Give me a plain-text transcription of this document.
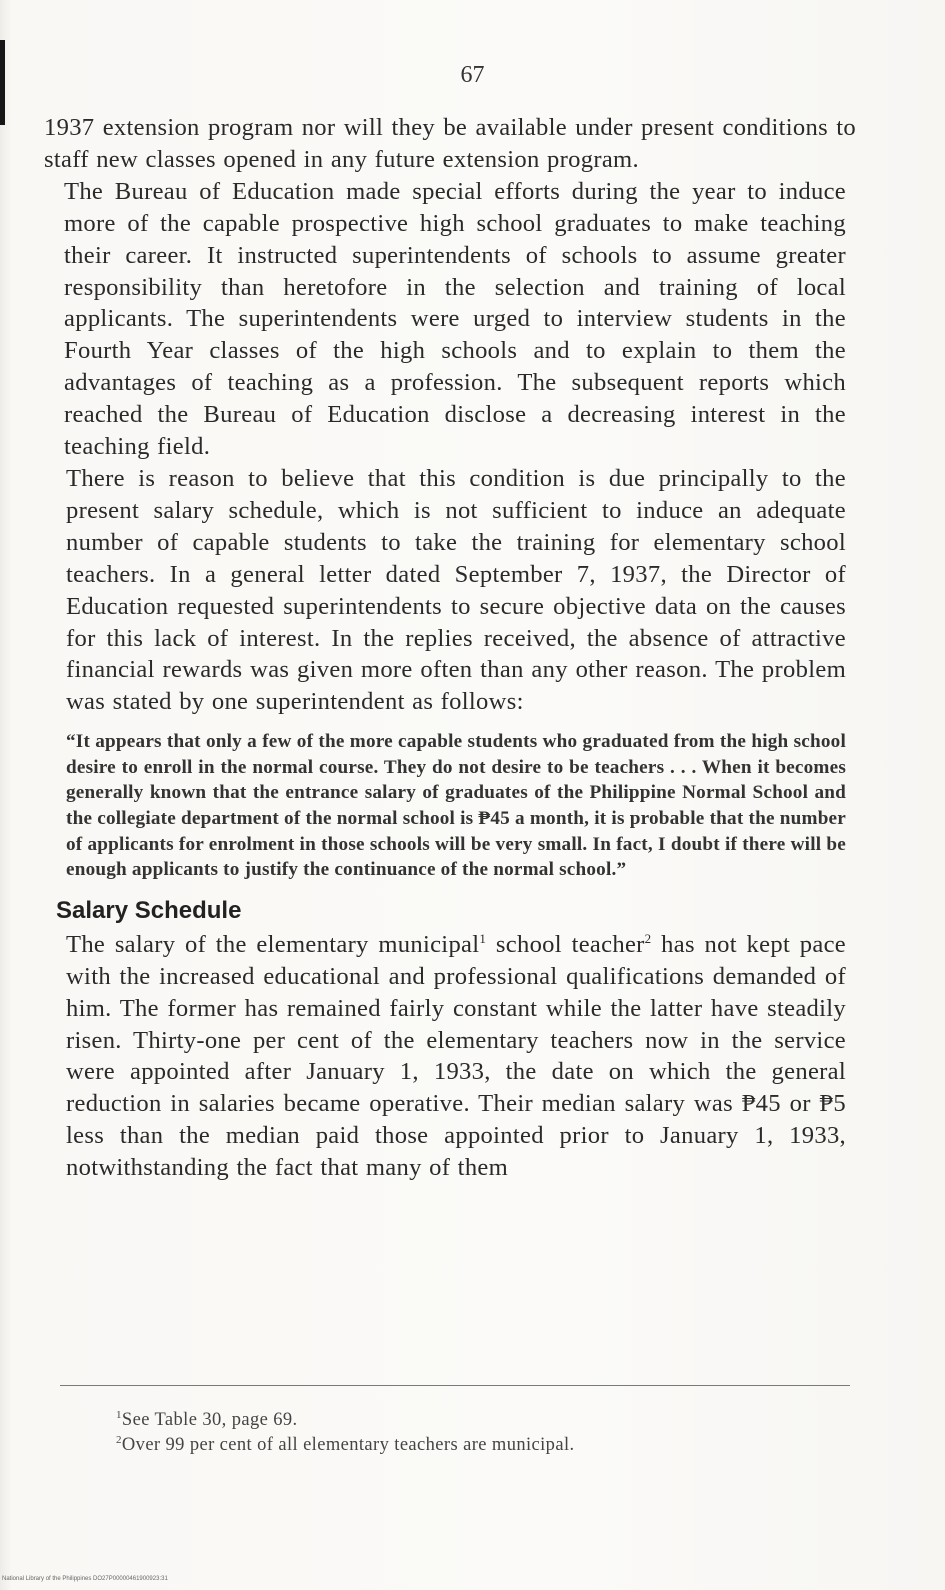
67

1937 extension program nor will they be available under present conditions to staff new classes opened in any future extension program.

The Bureau of Education made special efforts during the year to induce more of the capable prospective high school graduates to make teaching their career. It instructed superintendents of schools to assume greater responsibility than heretofore in the selection and training of local applicants. The superintendents were urged to interview students in the Fourth Year classes of the high schools and to explain to them the advantages of teaching as a profession. The subsequent reports which reached the Bureau of Education disclose a decreasing interest in the teaching field.

There is reason to believe that this condition is due principally to the present salary schedule, which is not sufficient to induce an adequate number of capable students to take the training for elementary school teachers. In a general letter dated September 7, 1937, the Director of Education requested superintendents to secure objective data on the causes for this lack of interest. In the replies received, the absence of attractive financial rewards was given more often than any other reason. The problem was stated by one superintendent as follows:

“It appears that only a few of the more capable students who graduated from the high school desire to enroll in the normal course. They do not desire to be teachers . . . When it becomes generally known that the entrance salary of graduates of the Philippine Normal School and the collegiate department of the normal school is ₱45 a month, it is probable that the number of applicants for enrolment in those schools will be very small. In fact, I doubt if there will be enough applicants to justify the continuance of the normal school.”

Salary Schedule

The salary of the elementary municipal$^1$ school teacher$^2$ has not kept pace with the increased educational and professional qualifications demanded of him. The former has remained fairly constant while the latter have steadily risen. Thirty-one per cent of the elementary teachers now in the service were appointed after January 1, 1933, the date on which the general reduction in salaries became operative. Their median salary was ₱45 or ₱5 less than the median paid those appointed prior to January 1, 1933, notwithstanding the fact that many of them

$^1$See Table 30, page 69.
$^2$Over 99 per cent of all elementary teachers are municipal.
National Library of the Philippines DO27P00000461900923:31
